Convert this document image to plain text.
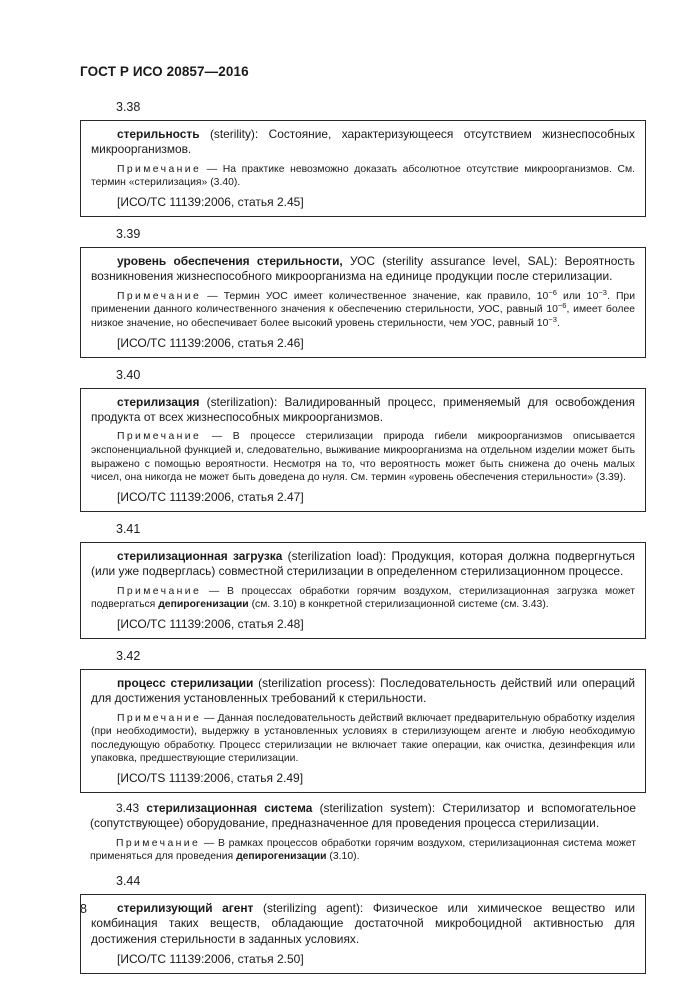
ГОСТ Р ИСО 20857—2016
3.38

стерильность (sterility): Состояние, характеризующееся отсутствием жизнеспособных микроорганизмов.

Примечание — На практике невозможно доказать абсолютное отсутствие микроорганизмов. См. термин «стерилизация» (3.40).

[ИСО/ТС 11139:2006, статья 2.45]

3.39

уровень обеспечения стерильности, УОС (sterility assurance level, SAL): Вероятность возникновения жизнеспособного микроорганизма на единице продукции после стерилизации.

Примечание — Термин УОС имеет количественное значение, как правило, $10^{-6}$ или $10^{-3}$. При применении данного количественного значения к обеспечению стерильности, УОС, равный $10^{-6}$, имеет более низкое значение, но обеспечивает более высокий уровень стерильности, чем УОС, равный $10^{-3}$.

[ИСО/ТС 11139:2006, статья 2.46]

3.40

стерилизация (sterilization): Валидированный процесс, применяемый для освобождения продукта от всех жизнеспособных микроорганизмов.

Примечание — В процессе стерилизации природа гибели микроорганизмов описывается экспоненциальной функцией и, следовательно, выживание микроорганизма на отдельном изделии может быть выражено с помощью вероятности. Несмотря на то, что вероятность может быть снижена до очень малых чисел, она никогда не может быть доведена до нуля. См. термин «уровень обеспечения стерильности» (3.39).

[ИСО/ТС 11139:2006, статья 2.47]

3.41

стерилизационная загрузка (sterilization load): Продукция, которая должна подвергнуться (или уже подверглась) совместной стерилизации в определенном стерилизационном процессе.

Примечание — В процессах обработки горячим воздухом, стерилизационная загрузка может подвергаться депирогенизации (см. 3.10) в конкретной стерилизационной системе (см. 3.43).

[ИСО/ТС 11139:2006, статья 2.48]

3.42

процесс стерилизации (sterilization process): Последовательность действий или операций для достижения установленных требований к стерильности.

Примечание — Данная последовательность действий включает предварительную обработку изделия (при необходимости), выдержку в установленных условиях в стерилизующем агенте и любую необходимую последующую обработку. Процесс стерилизации не включает такие операции, как очистка, дезинфекция или упаковка, предшествующие стерилизации.

[ИСО/TS 11139:2006, статья 2.49]

3.43 стерилизационная система (sterilization system): Стерилизатор и вспомогательное (сопутствующее) оборудование, предназначенное для проведения процесса стерилизации.

Примечание — В рамках процессов обработки горячим воздухом, стерилизационная система может применяться для проведения депирогенизации (3.10).

3.44

стерилизующий агент (sterilizing agent): Физическое или химическое вещество или комбинация таких веществ, обладающие достаточной микробоцидной активностью для достижения стерильности в заданных условиях.

[ИСО/ТС 11139:2006, статья 2.50]

8
